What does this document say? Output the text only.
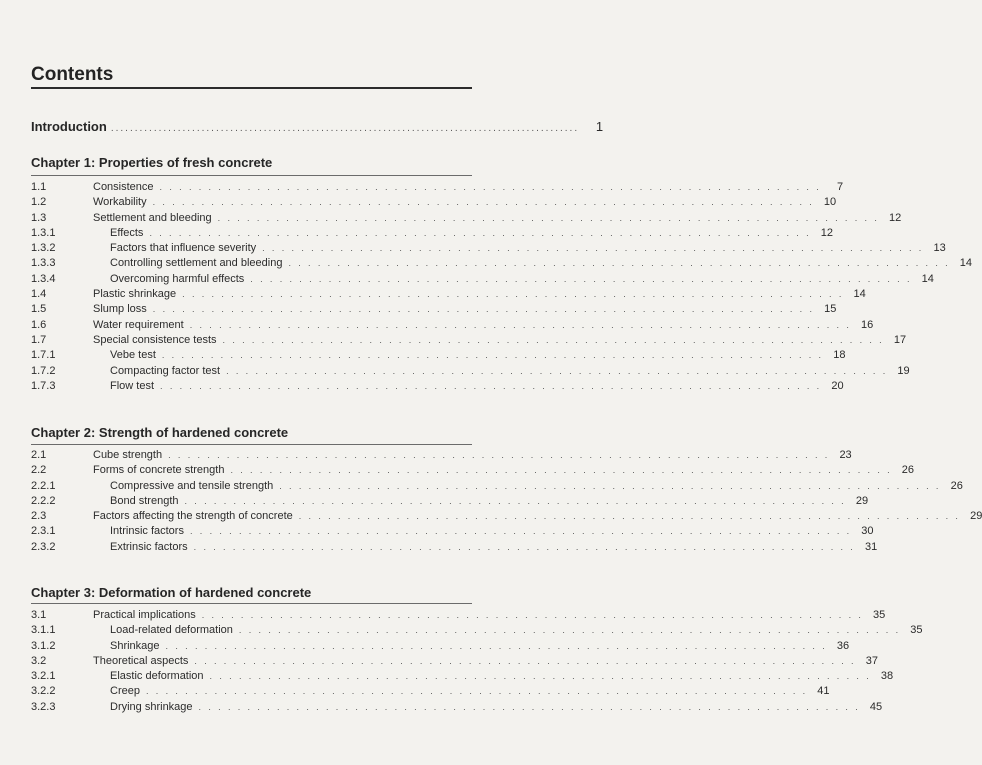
Contents
Introduction ..................................................................................................	1
Chapter 1: Properties of fresh concrete
1.1	Consistence . . . . . . . . . . . . . . . . . . . . . . . . . . . . . . . . . . . . . . . . . . . . . . . . . . . . . . . . . . . . . . . . . . . .	7
1.2	Workability . . . . . . . . . . . . . . . . . . . . . . . . . . . . . . . . . . . . . . . . . . . . . . . . . . . . . . . . . . . . . . . . . . . . 10
1.3	Settlement and bleeding . . . . . . . . . . . . . . . . . . . . . . . . . . . . . . . . . . . . . . . . . . . . . . . . . . . . . . . . . . . . . . . . . . . . 12
1.3.1	Effects . . . . . . . . . . . . . . . . . . . . . . . . . . . . . . . . . . . . . . . . . . . . . . . . . . . . . . . . . . . . . . . . . . . . 12
1.3.2	Factors that influence severity . . . . . . . . . . . . . . . . . . . . . . . . . . . . . . . . . . . . . . . . . . . . . . . . . . . . . . . . . . . . . . . . . . . . 13
1.3.3	Controlling settlement and bleeding . . . . . . . . . . . . . . . . . . . . . . . . . . . . . . . . . . . . . . . . . . . . . . . . . . . . . . . . . . . . . . . . . . . . 14
1.3.4	Overcoming harmful effects . . . . . . . . . . . . . . . . . . . . . . . . . . . . . . . . . . . . . . . . . . . . . . . . . . . . . . . . . . . . . . . . . . . . 14
1.4	Plastic shrinkage . . . . . . . . . . . . . . . . . . . . . . . . . . . . . . . . . . . . . . . . . . . . . . . . . . . . . . . . . . . . . . . . . . . . 14
1.5	Slump loss . . . . . . . . . . . . . . . . . . . . . . . . . . . . . . . . . . . . . . . . . . . . . . . . . . . . . . . . . . . . . . . . . . . . 15
1.6	Water requirement . . . . . . . . . . . . . . . . . . . . . . . . . . . . . . . . . . . . . . . . . . . . . . . . . . . . . . . . . . . . . . . . . . . . 16
1.7	Special consistence tests . . . . . . . . . . . . . . . . . . . . . . . . . . . . . . . . . . . . . . . . . . . . . . . . . . . . . . . . . . . . . . . . . . . . 17
1.7.1	Vebe test . . . . . . . . . . . . . . . . . . . . . . . . . . . . . . . . . . . . . . . . . . . . . . . . . . . . . . . . . . . . . . . . . . . . 18
1.7.2	Compacting factor test . . . . . . . . . . . . . . . . . . . . . . . . . . . . . . . . . . . . . . . . . . . . . . . . . . . . . . . . . . . . . . . . . . . . 19
1.7.3	Flow test . . . . . . . . . . . . . . . . . . . . . . . . . . . . . . . . . . . . . . . . . . . . . . . . . . . . . . . . . . . . . . . . . . . . 20
Chapter 2: Strength of hardened concrete
2.1	Cube strength . . . . . . . . . . . . . . . . . . . . . . . . . . . . . . . . . . . . . . . . . . . . . . . . . . . . . . . . . . . . . . . . . . . . 23
2.2	Forms of concrete strength . . . . . . . . . . . . . . . . . . . . . . . . . . . . . . . . . . . . . . . . . . . . . . . . . . . . . . . . . . . . . . . . . . . . 26
2.2.1	Compressive and tensile strength . . . . . . . . . . . . . . . . . . . . . . . . . . . . . . . . . . . . . . . . . . . . . . . . . . . . . . . . . . . . . . . . . . . . 26
2.2.2	Bond strength . . . . . . . . . . . . . . . . . . . . . . . . . . . . . . . . . . . . . . . . . . . . . . . . . . . . . . . . . . . . . . . . . . . . 29
2.3	Factors affecting the strength of concrete . . . . . . . . . . . . . . . . . . . . . . . . . . . . . . . . . . . . . . . . . . . . . . . . . . . . . . . . . . . . . . . . . . . . 29
2.3.1	Intrinsic factors . . . . . . . . . . . . . . . . . . . . . . . . . . . . . . . . . . . . . . . . . . . . . . . . . . . . . . . . . . . . . . . . . . . . 30
2.3.2	Extrinsic factors . . . . . . . . . . . . . . . . . . . . . . . . . . . . . . . . . . . . . . . . . . . . . . . . . . . . . . . . . . . . . . . . . . . . 31
Chapter 3: Deformation of hardened concrete
3.1	Practical implications . . . . . . . . . . . . . . . . . . . . . . . . . . . . . . . . . . . . . . . . . . . . . . . . . . . . . . . . . . . . . . . . . . . . 35
3.1.1	Load-related deformation . . . . . . . . . . . . . . . . . . . . . . . . . . . . . . . . . . . . . . . . . . . . . . . . . . . . . . . . . . . . . . . . . . . . 35
3.1.2	Shrinkage . . . . . . . . . . . . . . . . . . . . . . . . . . . . . . . . . . . . . . . . . . . . . . . . . . . . . . . . . . . . . . . . . . . . 36
3.2	Theoretical aspects . . . . . . . . . . . . . . . . . . . . . . . . . . . . . . . . . . . . . . . . . . . . . . . . . . . . . . . . . . . . . . . . . . . . 37
3.2.1	Elastic deformation . . . . . . . . . . . . . . . . . . . . . . . . . . . . . . . . . . . . . . . . . . . . . . . . . . . . . . . . . . . . . . . . . . . . 38
3.2.2	Creep . . . . . . . . . . . . . . . . . . . . . . . . . . . . . . . . . . . . . . . . . . . . . . . . . . . . . . . . . . . . . . . . . . . . 41
3.2.3	Drying shrinkage . . . . . . . . . . . . . . . . . . . . . . . . . . . . . . . . . . . . . . . . . . . . . . . . . . . . . . . . . . . . . . . . . . . . 45
